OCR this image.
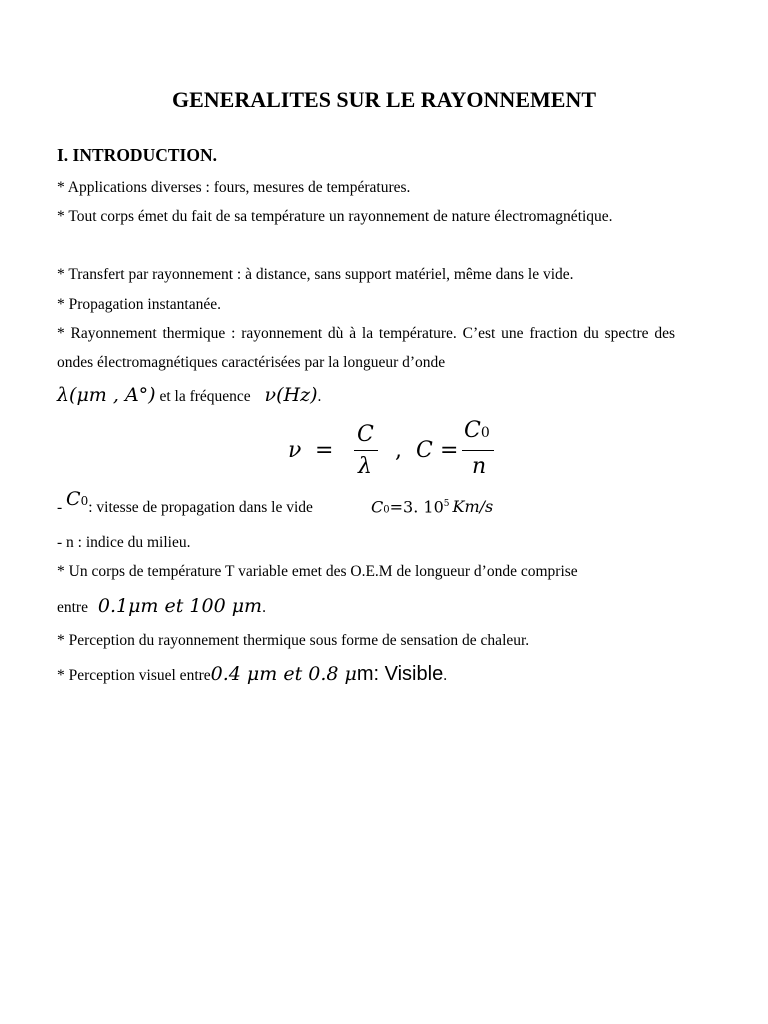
GENERALITES SUR LE RAYONNEMENT
I. INTRODUCTION.

* Applications diverses : fours, mesures de températures.

* Tout corps émet du fait de sa température un rayonnement de nature électromagnétique.

* Transfert par rayonnement : à distance, sans support matériel, même dans le vide.

* Propagation instantanée.

* Rayonnement thermique : rayonnement dù à la température. C’est une fraction du spectre des ondes électromagnétiques caractérisées par la longueur d’onde

λ(μm , A°) et la fréquence ν(Hz).
ν =
C
λ
, C =
C0
n
- C0: vitesse de propagation dans le vide	C0=3. $10^5$ Km/s

- n : indice du milieu.

* Un corps de température T variable emet des O.E.M de longueur d’onde comprise

entre 0.1μm et 100 μm.

* Perception du rayonnement thermique sous forme de sensation de chaleur.

* Perception visuel entre0.4 μm et 0.8 μm: Visible.
